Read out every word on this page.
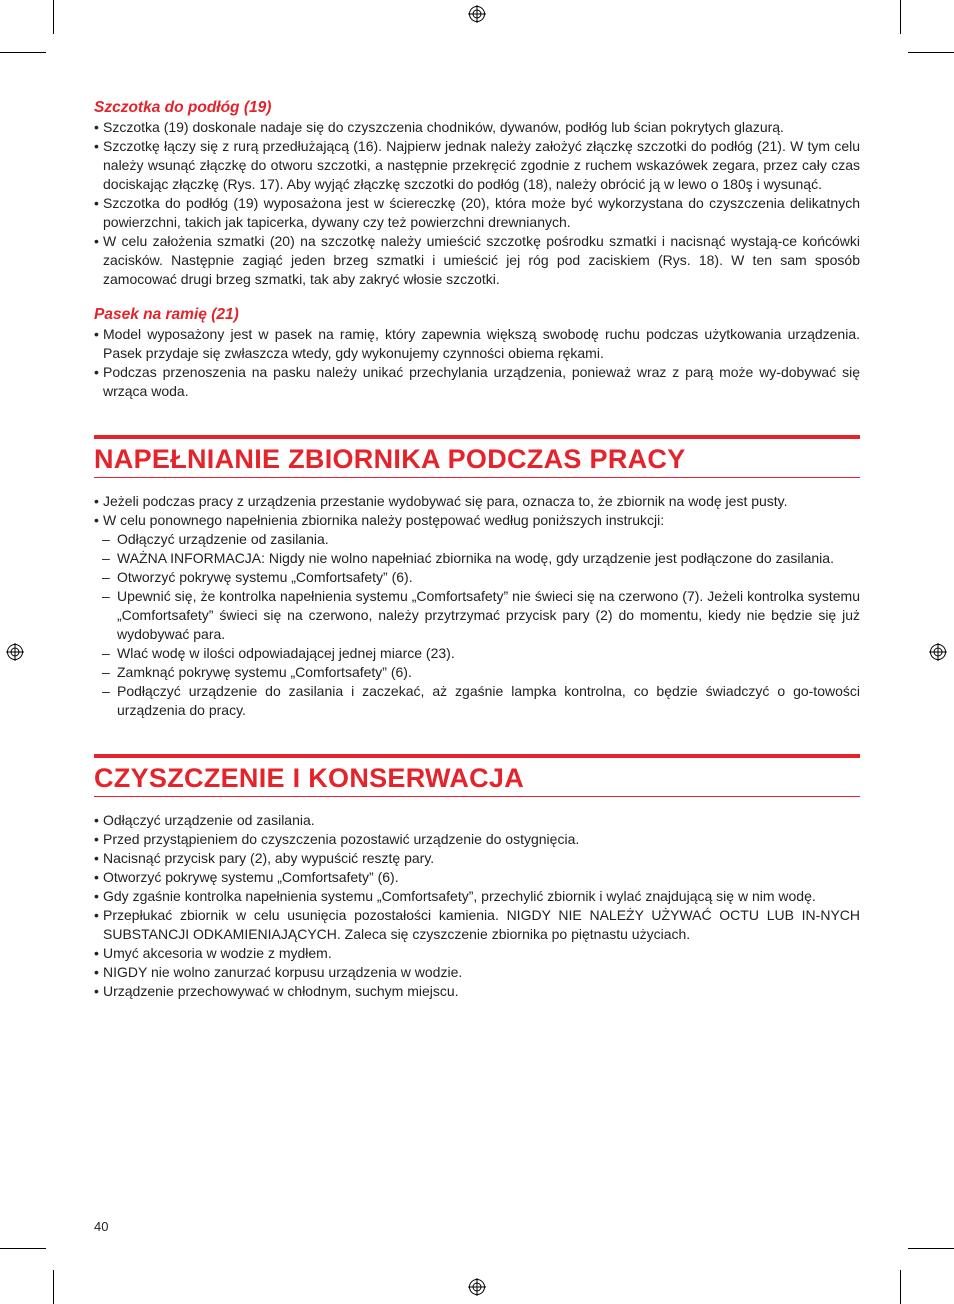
Szczotka do podłóg (19)
• Szczotka (19) doskonale nadaje się do czyszczenia chodników, dywanów, podłóg lub ścian pokrytych glazurą.
• Szczotkę łączy się z rurą przedłużającą (16). Najpierw jednak należy założyć złączkę szczotki do podłóg (21). W tym celu należy wsunąć złączkę do otworu szczotki, a następnie przekręcić zgodnie z ruchem wskazówek zegara, przez cały czas dociskając złączkę (Rys. 17). Aby wyjąć złączkę szczotki do podłóg (18), należy obrócić ją w lewo o 180ş i wysunąć.
• Szczotka do podłóg (19) wyposażona jest w ściereczkę (20), która może być wykorzystana do czyszczenia delikatnych powierzchni, takich jak tapicerka, dywany czy też powierzchni drewnianych.
• W celu założenia szmatki (20) na szczotkę należy umieścić szczotkę pośrodku szmatki i nacisnąć wystają-ce końcówki zacisków. Następnie zagiąć jeden brzeg szmatki i umieścić jej róg pod zaciskiem (Rys. 18). W ten sam sposób zamocować drugi brzeg szmatki, tak aby zakryć włosie szczotki.
Pasek na ramię (21)
• Model wyposażony jest w pasek na ramię, który zapewnia większą swobodę ruchu podczas użytkowania urządzenia. Pasek przydaje się zwłaszcza wtedy, gdy wykonujemy czynności obiema rękami.
• Podczas przenoszenia na pasku należy unikać przechylania urządzenia, ponieważ wraz z parą może wy-dobywać się wrząca woda.
NAPEŁNIANIE ZBIORNIKA PODCZAS PRACY
• Jeżeli podczas pracy z urządzenia przestanie wydobywać się para, oznacza to, że zbiornik na wodę jest pusty.
• W celu ponownego napełnienia zbiornika należy postępować według poniższych instrukcji:
– Odłączyć urządzenie od zasilania.
– WAŻNA INFORMACJA: Nigdy nie wolno napełniać zbiornika na wodę, gdy urządzenie jest podłączone do zasilania.
– Otworzyć pokrywę systemu „Comfortsafety” (6).
– Upewnić się, że kontrolka napełnienia systemu „Comfortsafety” nie świeci się na czerwono (7). Jeżeli kontrolka systemu „Comfortsafety” świeci się na czerwono, należy przytrzymać przycisk pary (2) do momentu, kiedy nie będzie się już wydobywać para.
– Wlać wodę w ilości odpowiadającej jednej miarce (23).
– Zamknąć pokrywę systemu „Comfortsafety” (6).
– Podłączyć urządzenie do zasilania i zaczekać, aż zgaśnie lampka kontrolna, co będzie świadczyć o go-towości urządzenia do pracy.
CZYSZCZENIE I KONSERWACJA
• Odłączyć urządzenie od zasilania.
• Przed przystąpieniem do czyszczenia pozostawić urządzenie do ostygnięcia.
• Nacisnąć przycisk pary (2), aby wypuścić resztę pary.
• Otworzyć pokrywę systemu „Comfortsafety” (6).
• Gdy zgaśnie kontrolka napełnienia systemu „Comfortsafety”, przechylić zbiornik i wylać znajdującą się w nim wodę.
• Przepłukać zbiornik w celu usunięcia pozostałości kamienia. NIGDY NIE NALEŻY UŻYWAĆ OCTU LUB IN-NYCH SUBSTANCJI ODKAMIENIAJĄCYCH. Zaleca się czyszczenie zbiornika po piętnastu użyciach.
• Umyć akcesoria w wodzie z mydłem.
• NIGDY nie wolno zanurzać korpusu urządzenia w wodzie.
• Urządzenie przechowywać w chłodnym, suchym miejscu.
40
